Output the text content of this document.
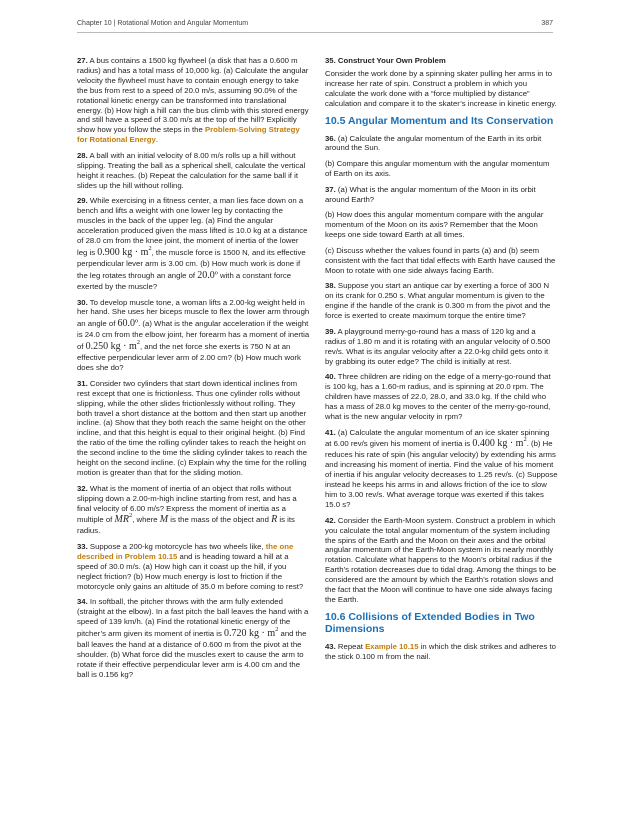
Chapter 10 | Rotational Motion and Angular Momentum	387

27. A bus contains a 1500 kg flywheel (a disk that has a 0.600 m radius) and has a total mass of 10,000 kg. (a) Calculate the angular velocity the flywheel must have to contain enough energy to take the bus from rest to a speed of 20.0 m/s, assuming 90.0% of the rotational kinetic energy can be transformed into translational energy. (b) How high a hill can the bus climb with this stored energy and still have a speed of 3.00 m/s at the top of the hill? Explicitly show how you follow the steps in the Problem-Solving Strategy for Rotational Energy.

28. A ball with an initial velocity of 8.00 m/s rolls up a hill without slipping. Treating the ball as a spherical shell, calculate the vertical height it reaches. (b) Repeat the calculation for the same ball if it slides up the hill without rolling.

29. While exercising in a fitness center, a man lies face down on a bench and lifts a weight with one lower leg by contacting the muscles in the back of the upper leg. (a) Find the angular acceleration produced given the mass lifted is 10.0 kg at a distance of 28.0 cm from the knee joint, the moment of inertia of the lower leg is 0.900 kg · $m^2$, the muscle force is 1500 N, and its effective perpendicular lever arm is 3.00 cm. (b) How much work is done if the leg rotates through an angle of 20.0º with a constant force exerted by the muscle?

30. To develop muscle tone, a woman lifts a 2.00-kg weight held in her hand. She uses her biceps muscle to flex the lower arm through an angle of 60.0º. (a) What is the angular acceleration if the weight is 24.0 cm from the elbow joint, her forearm has a moment of inertia of 0.250 kg · $m^2$, and the net force she exerts is 750 N at an effective perpendicular lever arm of 2.00 cm? (b) How much work does she do?

31. Consider two cylinders that start down identical inclines from rest except that one is frictionless. Thus one cylinder rolls without slipping, while the other slides frictionlessly without rolling. They both travel a short distance at the bottom and then start up another incline. (a) Show that they both reach the same height on the other incline, and that this height is equal to their original height. (b) Find the ratio of the time the rolling cylinder takes to reach the height on the second incline to the time the sliding cylinder takes to reach the height on the second incline. (c) Explain why the time for the rolling motion is greater than that for the sliding motion.

32. What is the moment of inertia of an object that rolls without slipping down a 2.00-m-high incline starting from rest, and has a final velocity of 6.00 m/s? Express the moment of inertia as a multiple of $MR^2$, where M is the mass of the object and R is its radius.

33. Suppose a 200-kg motorcycle has two wheels like, the one described in Problem 10.15 and is heading toward a hill at a speed of 30.0 m/s. (a) How high can it coast up the hill, if you neglect friction? (b) How much energy is lost to friction if the motorcycle only gains an altitude of 35.0 m before coming to rest?

34. In softball, the pitcher throws with the arm fully extended (straight at the elbow). In a fast pitch the ball leaves the hand with a speed of 139 km/h. (a) Find the rotational kinetic energy of the pitcher’s arm given its moment of inertia is 0.720 kg · $m^2$ and the ball leaves the hand at a distance of 0.600 m from the pivot at the shoulder. (b) What force did the muscles exert to cause the arm to rotate if their effective perpendicular lever arm is 4.00 cm and the ball is 0.156 kg?

35. Construct Your Own Problem

Consider the work done by a spinning skater pulling her arms in to increase her rate of spin. Construct a problem in which you calculate the work done with a “force multiplied by distance” calculation and compare it to the skater’s increase in kinetic energy.

10.5 Angular Momentum and Its Conservation

36. (a) Calculate the angular momentum of the Earth in its orbit around the Sun.

(b) Compare this angular momentum with the angular momentum of Earth on its axis.

37. (a) What is the angular momentum of the Moon in its orbit around Earth?

(b) How does this angular momentum compare with the angular momentum of the Moon on its axis? Remember that the Moon keeps one side toward Earth at all times.

(c) Discuss whether the values found in parts (a) and (b) seem consistent with the fact that tidal effects with Earth have caused the Moon to rotate with one side always facing Earth.

38. Suppose you start an antique car by exerting a force of 300 N on its crank for 0.250 s. What angular momentum is given to the engine if the handle of the crank is 0.300 m from the pivot and the force is exerted to create maximum torque the entire time?

39. A playground merry-go-round has a mass of 120 kg and a radius of 1.80 m and it is rotating with an angular velocity of 0.500 rev/s. What is its angular velocity after a 22.0-kg child gets onto it by grabbing its outer edge? The child is initially at rest.

40. Three children are riding on the edge of a merry-go-round that is 100 kg, has a 1.60-m radius, and is spinning at 20.0 rpm. The children have masses of 22.0, 28.0, and 33.0 kg. If the child who has a mass of 28.0 kg moves to the center of the merry-go-round, what is the new angular velocity in rpm?

41. (a) Calculate the angular momentum of an ice skater spinning at 6.00 rev/s given his moment of inertia is 0.400 kg · $m^2$. (b) He reduces his rate of spin (his angular velocity) by extending his arms and increasing his moment of inertia. Find the value of his moment of inertia if his angular velocity decreases to 1.25 rev/s. (c) Suppose instead he keeps his arms in and allows friction of the ice to slow him to 3.00 rev/s. What average torque was exerted if this takes 15.0 s?

42. Consider the Earth-Moon system. Construct a problem in which you calculate the total angular momentum of the system including the spins of the Earth and the Moon on their axes and the orbital angular momentum of the Earth-Moon system in its nearly monthly rotation. Calculate what happens to the Moon’s orbital radius if the Earth’s rotation decreases due to tidal drag. Among the things to be considered are the amount by which the Earth’s rotation slows and the fact that the Moon will continue to have one side always facing the Earth.

10.6 Collisions of Extended Bodies in Two Dimensions

43. Repeat Example 10.15 in which the disk strikes and adheres to the stick 0.100 m from the nail.
